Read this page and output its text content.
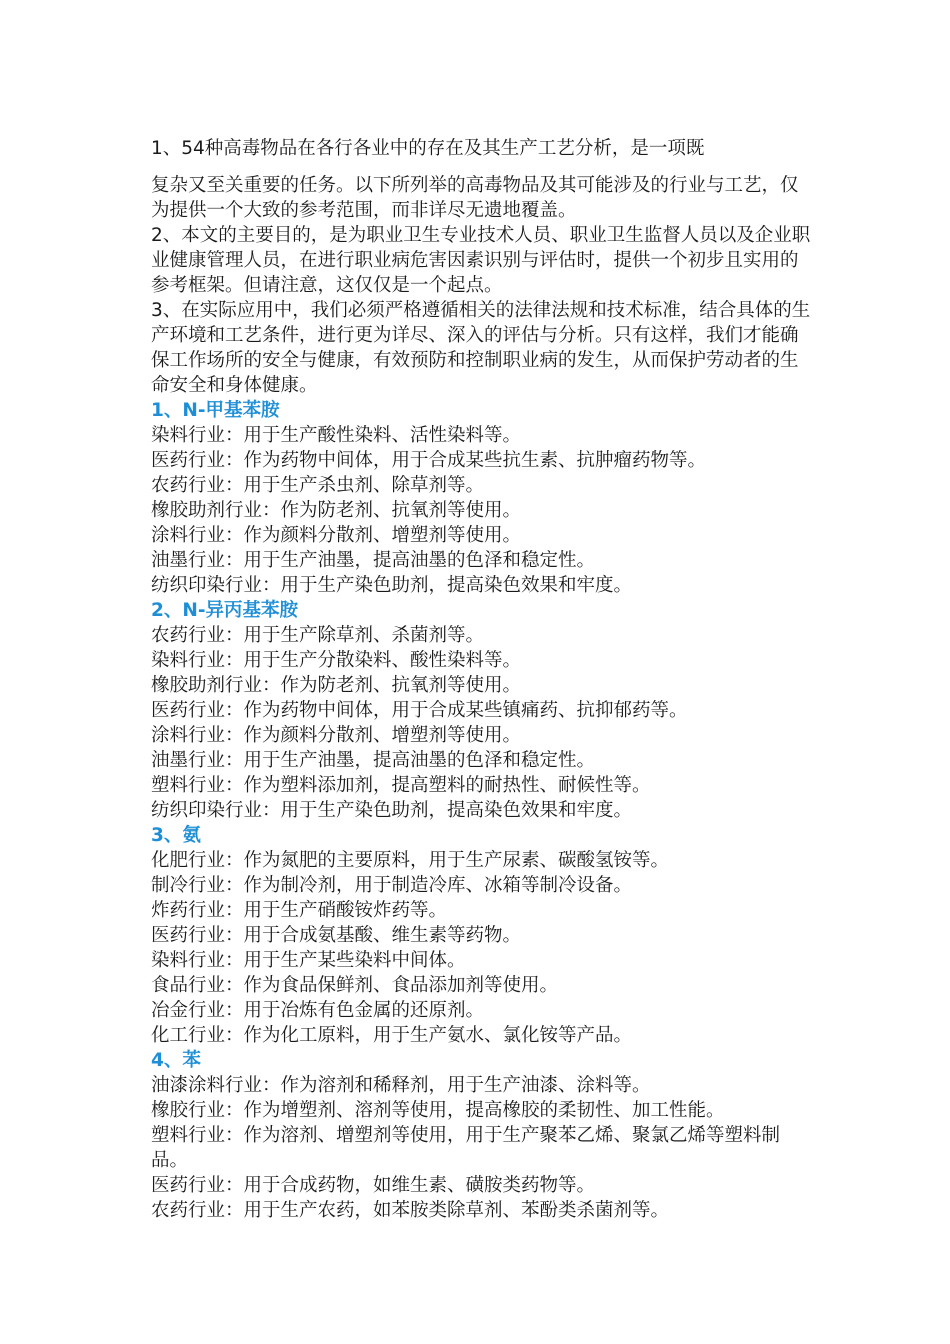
1、54种高毒物品在各行各业中的存在及其生产工艺分析，是一项既

复杂又至关重要的任务。以下所列举的高毒物品及其可能涉及的行业与工艺，仅为提供一个大致的参考范围，而非详尽无遗地覆盖。

2、本文的主要目的，是为职业卫生专业技术人员、职业卫生监督人员以及企业职业健康管理人员，在进行职业病危害因素识别与评估时，提供一个初步且实用的参考框架。但请注意，这仅仅是一个起点。

3、在实际应用中，我们必须严格遵循相关的法律法规和技术标准，结合具体的生产环境和工艺条件，进行更为详尽、深入的评估与分析。只有这样，我们才能确保工作场所的安全与健康，有效预防和控制职业病的发生，从而保护劳动者的生命安全和身体健康。

1、N-甲基苯胺

染料行业：用于生产酸性染料、活性染料等。

医药行业：作为药物中间体，用于合成某些抗生素、抗肿瘤药物等。

农药行业：用于生产杀虫剂、除草剂等。

橡胶助剂行业：作为防老剂、抗氧剂等使用。

涂料行业：作为颜料分散剂、增塑剂等使用。

油墨行业：用于生产油墨，提高油墨的色泽和稳定性。

纺织印染行业：用于生产染色助剂，提高染色效果和牢度。

2、N-异丙基苯胺

农药行业：用于生产除草剂、杀菌剂等。

染料行业：用于生产分散染料、酸性染料等。

橡胶助剂行业：作为防老剂、抗氧剂等使用。

医药行业：作为药物中间体，用于合成某些镇痛药、抗抑郁药等。

涂料行业：作为颜料分散剂、增塑剂等使用。

油墨行业：用于生产油墨，提高油墨的色泽和稳定性。

塑料行业：作为塑料添加剂，提高塑料的耐热性、耐候性等。

纺织印染行业：用于生产染色助剂，提高染色效果和牢度。

3、氨

化肥行业：作为氮肥的主要原料，用于生产尿素、碳酸氢铵等。

制冷行业：作为制冷剂，用于制造冷库、冰箱等制冷设备。

炸药行业：用于生产硝酸铵炸药等。

医药行业：用于合成氨基酸、维生素等药物。

染料行业：用于生产某些染料中间体。

食品行业：作为食品保鲜剂、食品添加剂等使用。

冶金行业：用于冶炼有色金属的还原剂。

化工行业：作为化工原料，用于生产氨水、氯化铵等产品。

4、苯

油漆涂料行业：作为溶剂和稀释剂，用于生产油漆、涂料等。

橡胶行业：作为增塑剂、溶剂等使用，提高橡胶的柔韧性、加工性能。

塑料行业：作为溶剂、增塑剂等使用，用于生产聚苯乙烯、聚氯乙烯等塑料制品。

医药行业：用于合成药物，如维生素、磺胺类药物等。

农药行业：用于生产农药，如苯胺类除草剂、苯酚类杀菌剂等。
